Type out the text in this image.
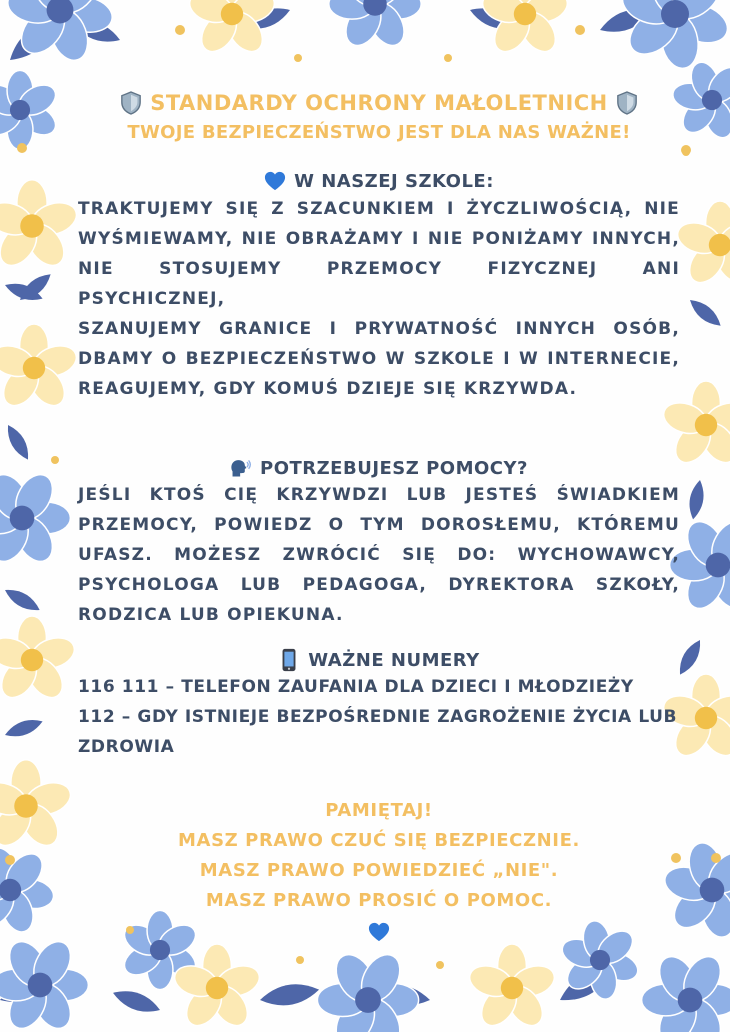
STANDARDY OCHRONY MAŁOLETNICH

TWOJE BEZPIECZEŃSTWO JEST DLA NAS WAŻNE!

W NASZEJ SZKOLE:

TRAKTUJEMY SIĘ Z SZACUNKIEM I ŻYCZLIWOŚCIĄ, NIE
WYŚMIEWAMY, NIE OBRAŻAMY I NIE PONIŻAMY INNYCH,
NIE STOSUJEMY PRZEMOCY FIZYCZNEJ ANI PSYCHICZNEJ,
SZANUJEMY GRANICE I PRYWATNOŚĆ INNYCH OSÓB,
DBAMY O BEZPIECZEŃSTWO W SZKOLE I W INTERNECIE,
REAGUJEMY, GDY KOMUŚ DZIEJE SIĘ KRZYWDA.

POTRZEBUJESZ POMOCY?

JEŚLI KTOŚ CIĘ KRZYWDZI LUB JESTEŚ ŚWIADKIEM
PRZEMOCY, POWIEDZ O TYM DOROSŁEMU, KTÓREMU
UFASZ. MOŻESZ ZWRÓCIĆ SIĘ DO: WYCHOWAWCY,
PSYCHOLOGA LUB PEDAGOGA, DYREKTORA SZKOŁY,
RODZICA LUB OPIEKUNA.

WAŻNE NUMERY

116 111 – TELEFON ZAUFANIA DLA DZIECI I MŁODZIEŻY
112 – GDY ISTNIEJE BEZPOŚREDNIE ZAGROŻENIE ŻYCIA LUB
ZDROWIA

PAMIĘTAJ!
MASZ PRAWO CZUĆ SIĘ BEZPIECZNIE.
MASZ PRAWO POWIEDZIEĆ „NIE".
MASZ PRAWO PROSIĆ O POMOC.
